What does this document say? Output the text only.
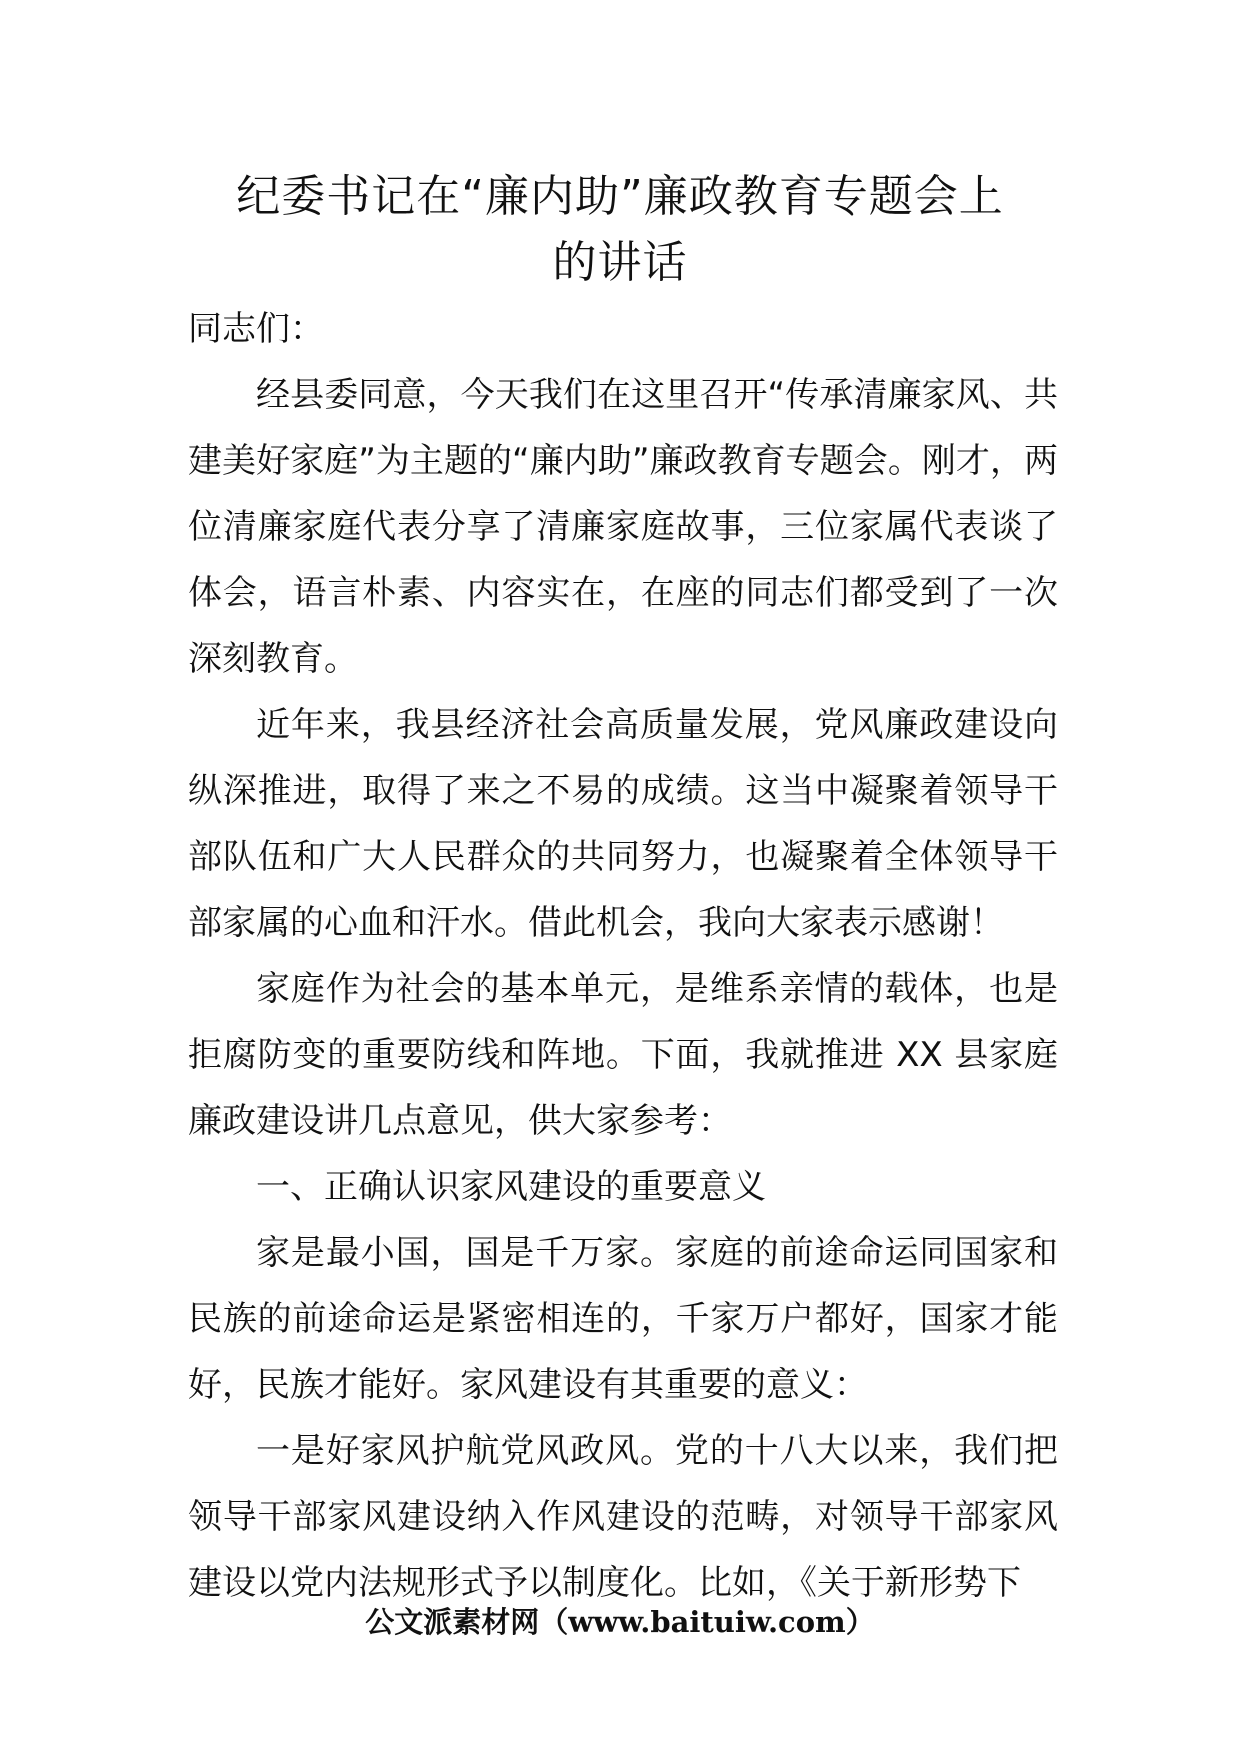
纪委书记在“廉内助”廉政教育专题会上
的讲话

同志们：

经县委同意，今天我们在这里召开“传承清廉家风、共建美好家庭”为主题的“廉内助”廉政教育专题会。刚才，两位清廉家庭代表分享了清廉家庭故事，三位家属代表谈了体会，语言朴素、内容实在，在座的同志们都受到了一次深刻教育。

近年来，我县经济社会高质量发展，党风廉政建设向纵深推进，取得了来之不易的成绩。这当中凝聚着领导干部队伍和广大人民群众的共同努力，也凝聚着全体领导干部家属的心血和汗水。借此机会，我向大家表示感谢！

家庭作为社会的基本单元，是维系亲情的载体，也是拒腐防变的重要防线和阵地。下面，我就推进 XX 县家庭廉政建设讲几点意见，供大家参考：

一、正确认识家风建设的重要意义

家是最小国，国是千万家。家庭的前途命运同国家和民族的前途命运是紧密相连的，千家万户都好，国家才能好，民族才能好。家风建设有其重要的意义：

一是好家风护航党风政风。党的十八大以来，我们把领导干部家风建设纳入作风建设的范畴，对领导干部家风建设以党内法规形式予以制度化。比如，《关于新形势下

公文派素材网（www.baituiw.com）
